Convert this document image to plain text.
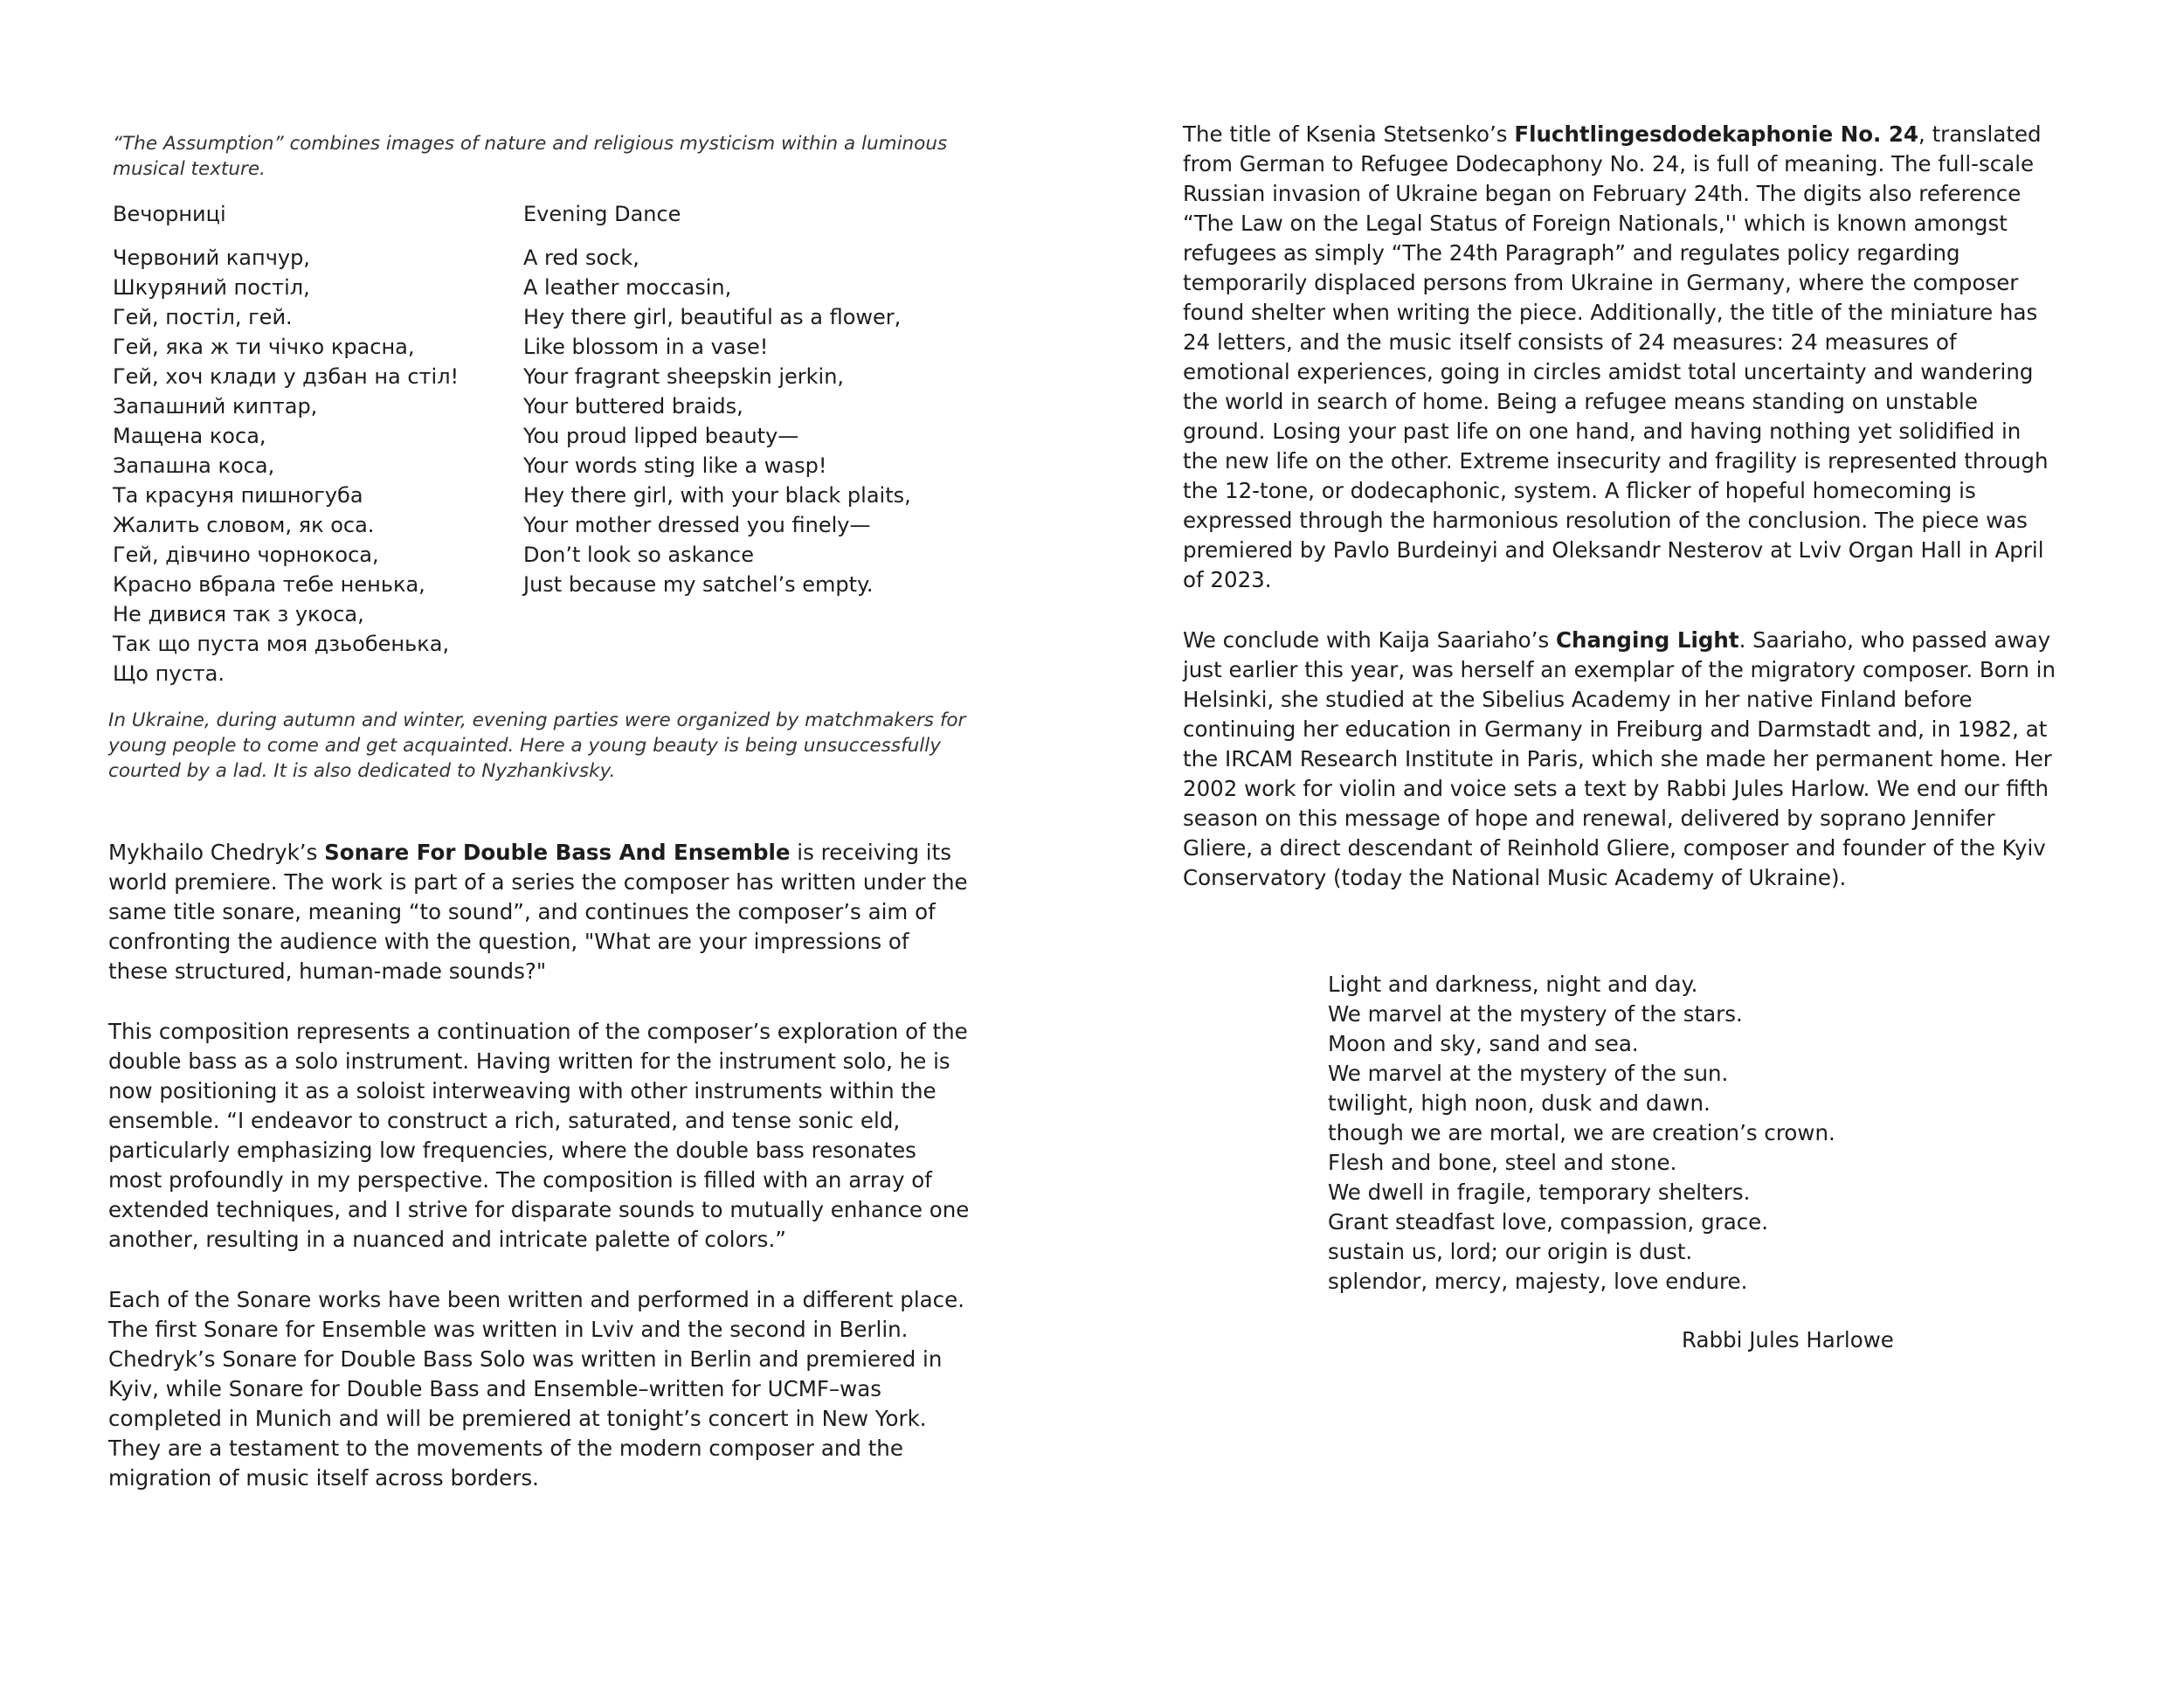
“The Assumption” combines images of nature and religious mysticism within a luminous musical texture.

Вечорниці
Червоний капчур,
Шкуряний постіл,
Гей, постіл, гей.
Гей, яка ж ти чічко красна,
Гей, хоч клади у дзбан на стіл!
Запашний киптар,
Мащена коса,
Запашна коса,
Та красуня пишногуба
Жалить словом, як оса.
Гей, дівчино чорнокоса,
Красно вбрала тебе ненька,
Не дивися так з укоса,
Так що пуста моя дзьобенька,
Що пуста.
Evening Dance
A red sock,
A leather moccasin,
Hey there girl, beautiful as a flower,
Like blossom in a vase!
Your fragrant sheepskin jerkin,
Your buttered braids,
You proud lipped beauty—
Your words sting like a wasp!
Hey there girl, with your black plaits,
Your mother dressed you finely—
Don’t look so askance
Just because my satchel’s empty.

In Ukraine, during autumn and winter, evening parties were organized by matchmakers for young people to come and get acquainted. Here a young beauty is being unsuccessfully courted by a lad. It is also dedicated to Nyzhankivsky.

Mykhailo Chedryk’s Sonare For Double Bass And Ensemble is receiving its world premiere. The work is part of a series the composer has written under the same title sonare, meaning “to sound”, and continues the composer’s aim of confronting the audience with the question, "What are your impressions of these structured, human-made sounds?"

This composition represents a continuation of the composer’s exploration of the double bass as a solo instrument. Having written for the instrument solo, he is now positioning it as a soloist interweaving with other instruments within the ensemble. “I endeavor to construct a rich, saturated, and tense sonic eld, particularly emphasizing low frequencies, where the double bass resonates most profoundly in my perspective. The composition is filled with an array of extended techniques, and I strive for disparate sounds to mutually enhance one another, resulting in a nuanced and intricate palette of colors.”

Each of the Sonare works have been written and performed in a different place. The first Sonare for Ensemble was written in Lviv and the second in Berlin. Chedryk’s Sonare for Double Bass Solo was written in Berlin and premiered in Kyiv, while Sonare for Double Bass and Ensemble–written for UCMF–was completed in Munich and will be premiered at tonight’s concert in New York. They are a testament to the movements of the modern composer and the migration of music itself across borders.

The title of Ksenia Stetsenko’s Fluchtlingesdodekaphonie No. 24, translated from German to Refugee Dodecaphony No. 24, is full of meaning. The full-scale Russian invasion of Ukraine began on February 24th. The digits also reference “The Law on the Legal Status of Foreign Nationals,'' which is known amongst refugees as simply “The 24th Paragraph” and regulates policy regarding temporarily displaced persons from Ukraine in Germany, where the composer found shelter when writing the piece. Additionally, the title of the miniature has 24 letters, and the music itself consists of 24 measures: 24 measures of emotional experiences, going in circles amidst total uncertainty and wandering the world in search of home. Being a refugee means standing on unstable ground. Losing your past life on one hand, and having nothing yet solidified in the new life on the other. Extreme insecurity and fragility is represented through the 12-tone, or dodecaphonic, system. A flicker of hopeful homecoming is expressed through the harmonious resolution of the conclusion. The piece was premiered by Pavlo Burdeinyi and Oleksandr Nesterov at Lviv Organ Hall in April of 2023.

We conclude with Kaija Saariaho’s Changing Light. Saariaho, who passed away just earlier this year, was herself an exemplar of the migratory composer. Born in Helsinki, she studied at the Sibelius Academy in her native Finland before continuing her education in Germany in Freiburg and Darmstadt and, in 1982, at the IRCAM Research Institute in Paris, which she made her permanent home. Her 2002 work for violin and voice sets a text by Rabbi Jules Harlow. We end our fifth season on this message of hope and renewal, delivered by soprano Jennifer Gliere, a direct descendant of Reinhold Gliere, composer and founder of the Kyiv Conservatory (today the National Music Academy of Ukraine).

Light and darkness, night and day.
We marvel at the mystery of the stars.
Moon and sky, sand and sea.
We marvel at the mystery of the sun.
twilight, high noon, dusk and dawn.
though we are mortal, we are creation’s crown.
Flesh and bone, steel and stone.
We dwell in fragile, temporary shelters.
Grant steadfast love, compassion, grace.
sustain us, lord; our origin is dust.
splendor, mercy, majesty, love endure.
Rabbi Jules Harlowe
